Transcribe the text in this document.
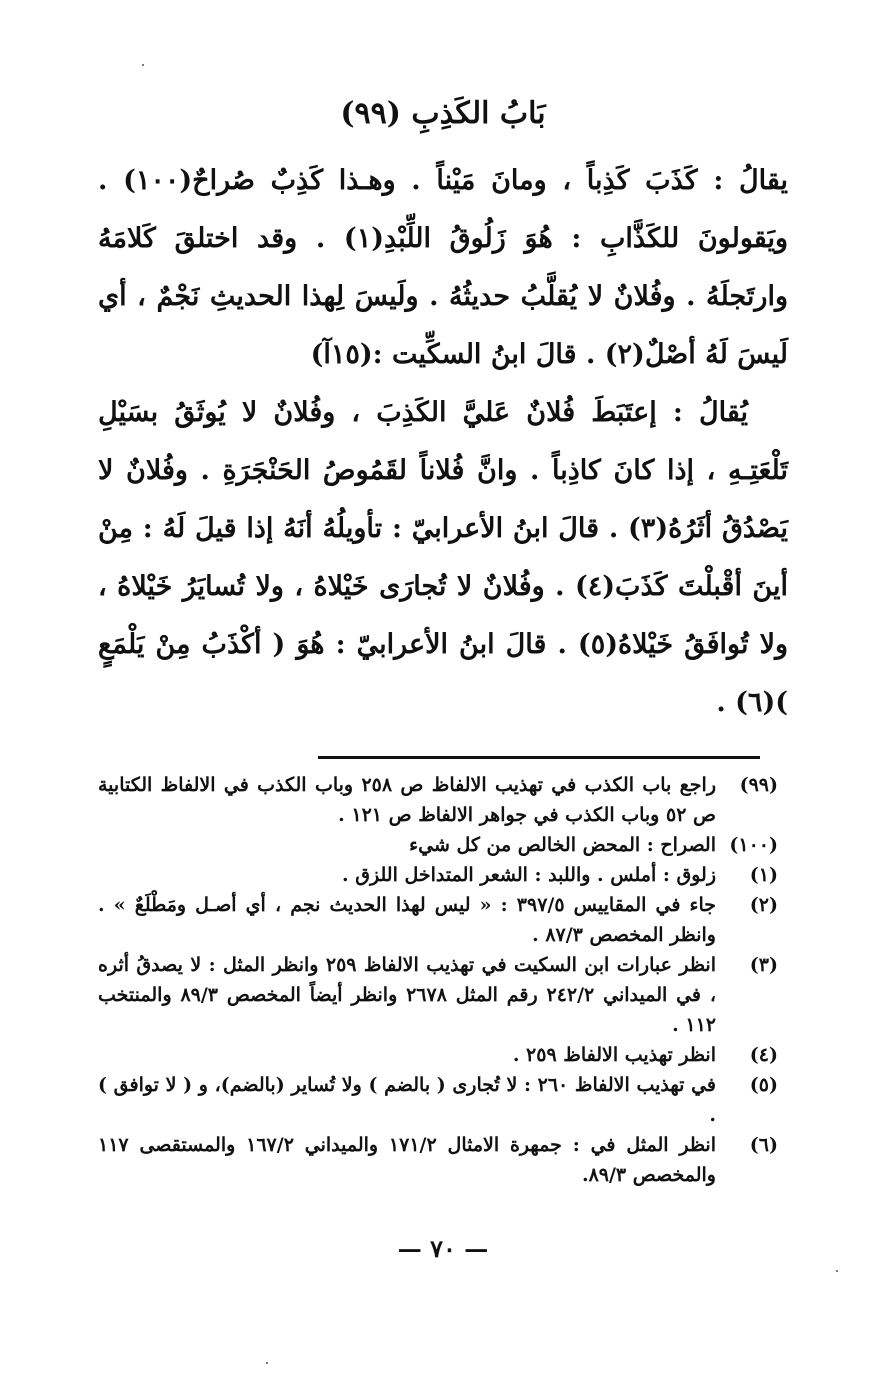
بَابُ الكَذِبِ (٩٩)

يقالُ : كَذَبَ كَذِباً ، ومانَ مَيْناً . وهـذا كَذِبٌ صُراحٌ(١٠٠) . ويَقولونَ للكَذَّابِ : هُوَ زَلُوقُ اللِّبْدِ(١) . وقد اختلقَ كَلامَهُ وارتَجلَهُ . وفُلانٌ لا يُقلَّبُ حديثُهُ . ولَيسَ لِهذا الحديثِ نَجْمٌ ، أي لَيسَ لَهُ أصْلٌ(٢) . قالَ ابنُ السكِّيت :(١٥آ)

يُقالُ : إعتَبَطَ فُلانٌ عَليَّ الكَذِبَ ، وفُلانٌ لا يُوثَقُ بسَيْلِ تَلْعَتِـهِ ، إذا كانَ كاذِباً . وانَّ فُلاناً لقَمُوصُ الحَنْجَرَةِ . وفُلانٌ لا يَصْدُقُ أثَرُهُ(٣) . قالَ ابنُ الأعرابيّ : تأويلُهُ أنَهُ إذا قيلَ لَهُ : مِنْ أينَ أقْبلْتَ كَذَبَ(٤) . وفُلانٌ لا تُجارَى خَيْلاهُ ، ولا تُسايَرُ خَيْلاهُ ، ولا تُوافَقُ خَيْلاهُ(٥) . قالَ ابنُ الأعرابيّ : هُوَ ( أكْذَبُ مِنْ يَلْمَعٍ )(٦) .

(٩٩)
راجع باب الكذب في تهذيب الالفاظ ص ٢٥٨ وباب الكذب في الالفاظ الكتابية ص ٥٢ وباب الكذب في جواهر الالفاظ ص ١٢١ .
(١٠٠)
الصراح : المحض الخالص من كل شيء
(١)
زلوق : أملس . واللبد : الشعر المتداخل اللزق .
(٢)
جاء في المقاييس ٣٩٧/٥ : « ليس لهذا الحديث نجم ، أي أصـل ومَطْلَعٌ » . وانظر المخصص ٨٧/٣ .
(٣)
انظر عبارات ابن السكيت في تهذيب الالفاظ ٢٥٩ وانظر المثل : لا يصدقُ أثره ، في الميداني ٢٤٢/٢ رقم المثل ٢٦٧٨ وانظر أيضاً المخصص ٨٩/٣ والمنتخب ١١٢ .
(٤)
انظر تهذيب الالفاظ ٢٥٩ .
(٥)
في تهذيب الالفاظ ٢٦٠ : لا تُجارى ( بالضم ) ولا تُساير (بالضم)، و ( لا توافق ) .
(٦)
انظر المثل في : جمهرة الامثال ١٧١/٢ والميداني ١٦٧/٢ والمستقصى ١١٧ والمخصص ٨٩/٣.
— ٧٠ —
